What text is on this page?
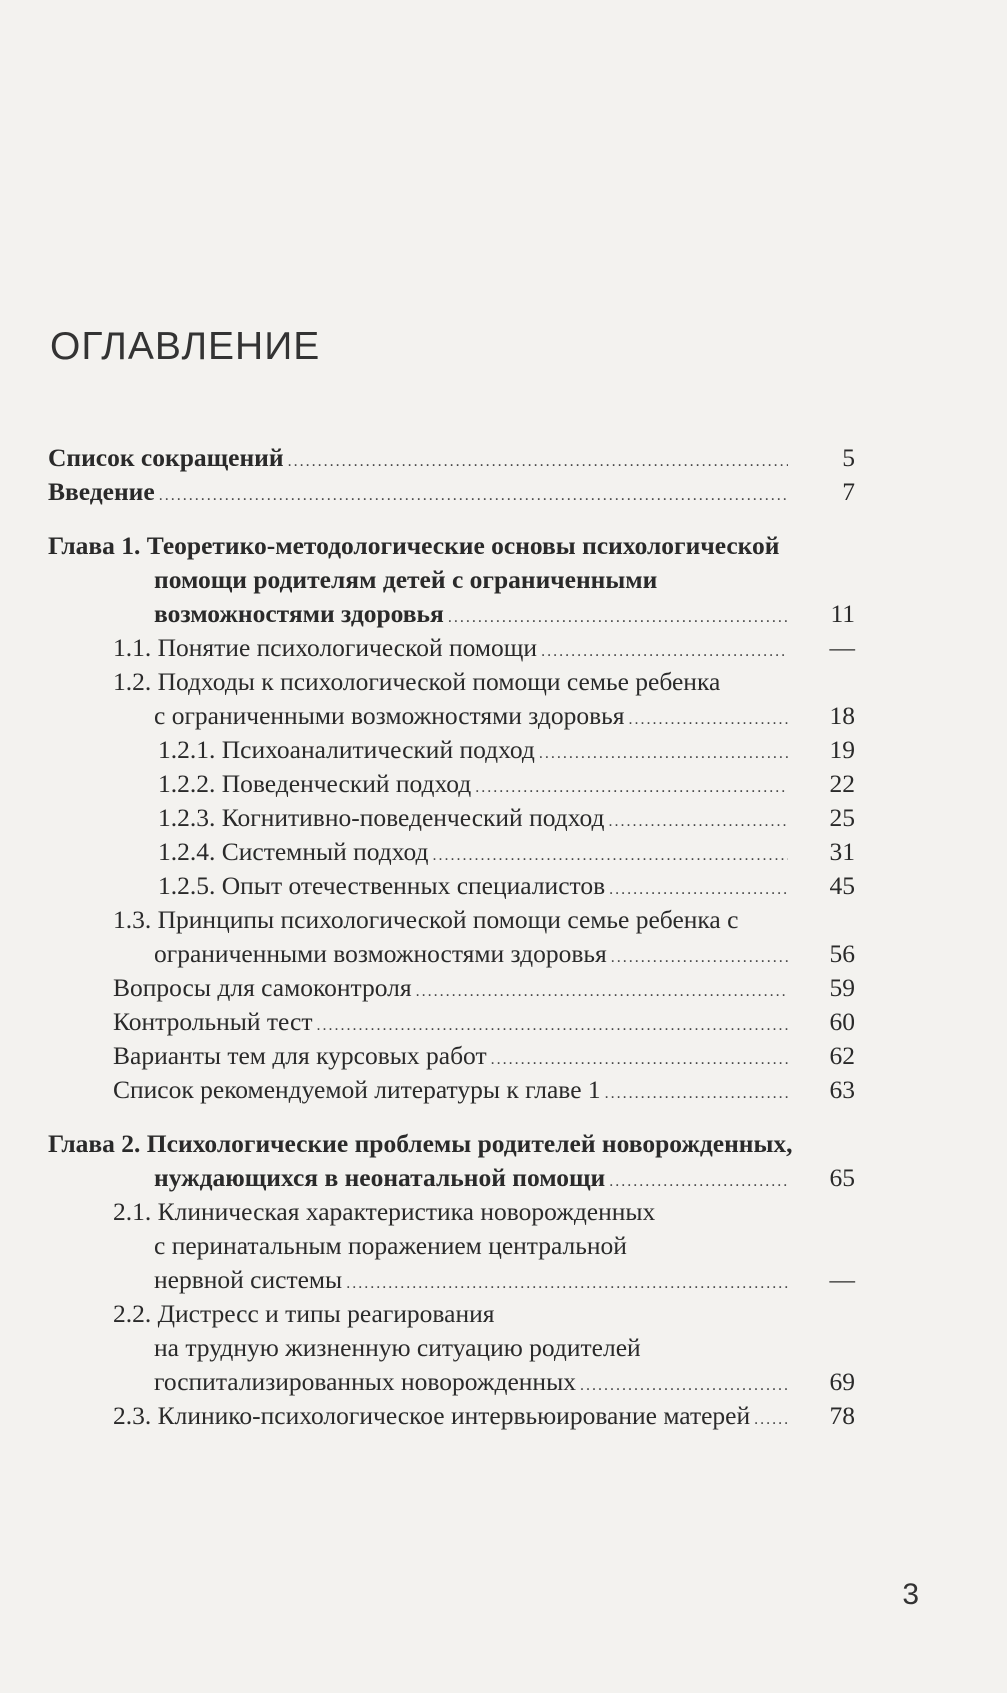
ОГЛАВЛЕНИЕ
Список сокращений .....	5
Введение .....	7
Глава 1. Теоретико-методологические основы психологической
помощи родителям детей с ограниченными
возможностями здоровья .....	11
1.1. Понятие психологической помощи .....	—
1.2. Подходы к психологической помощи семье ребенка
с ограниченными возможностями здоровья .....	18
1.2.1. Психоаналитический подход .....	19
1.2.2. Поведенческий подход .....	22
1.2.3. Когнитивно-поведенческий подход .....	25
1.2.4. Системный подход .....	31
1.2.5. Опыт отечественных специалистов .....	45
1.3. Принципы психологической помощи семье ребенка с
ограниченными возможностями здоровья .....	56
Вопросы для самоконтроля .....	59
Контрольный тест .....	60
Варианты тем для курсовых работ .....	62
Список рекомендуемой литературы к главе 1 .....	63
Глава 2. Психологические проблемы родителей новорожденных,
нуждающихся в неонатальной помощи .....	65
2.1. Клиническая характеристика новорожденных
с перинатальным поражением центральной
нервной системы .....	—
2.2. Дистресс и типы реагирования
на трудную жизненную ситуацию родителей
госпитализированных новорожденных .....	69
2.3. Клинико-психологическое интервьюирование матерей .....	78
3
